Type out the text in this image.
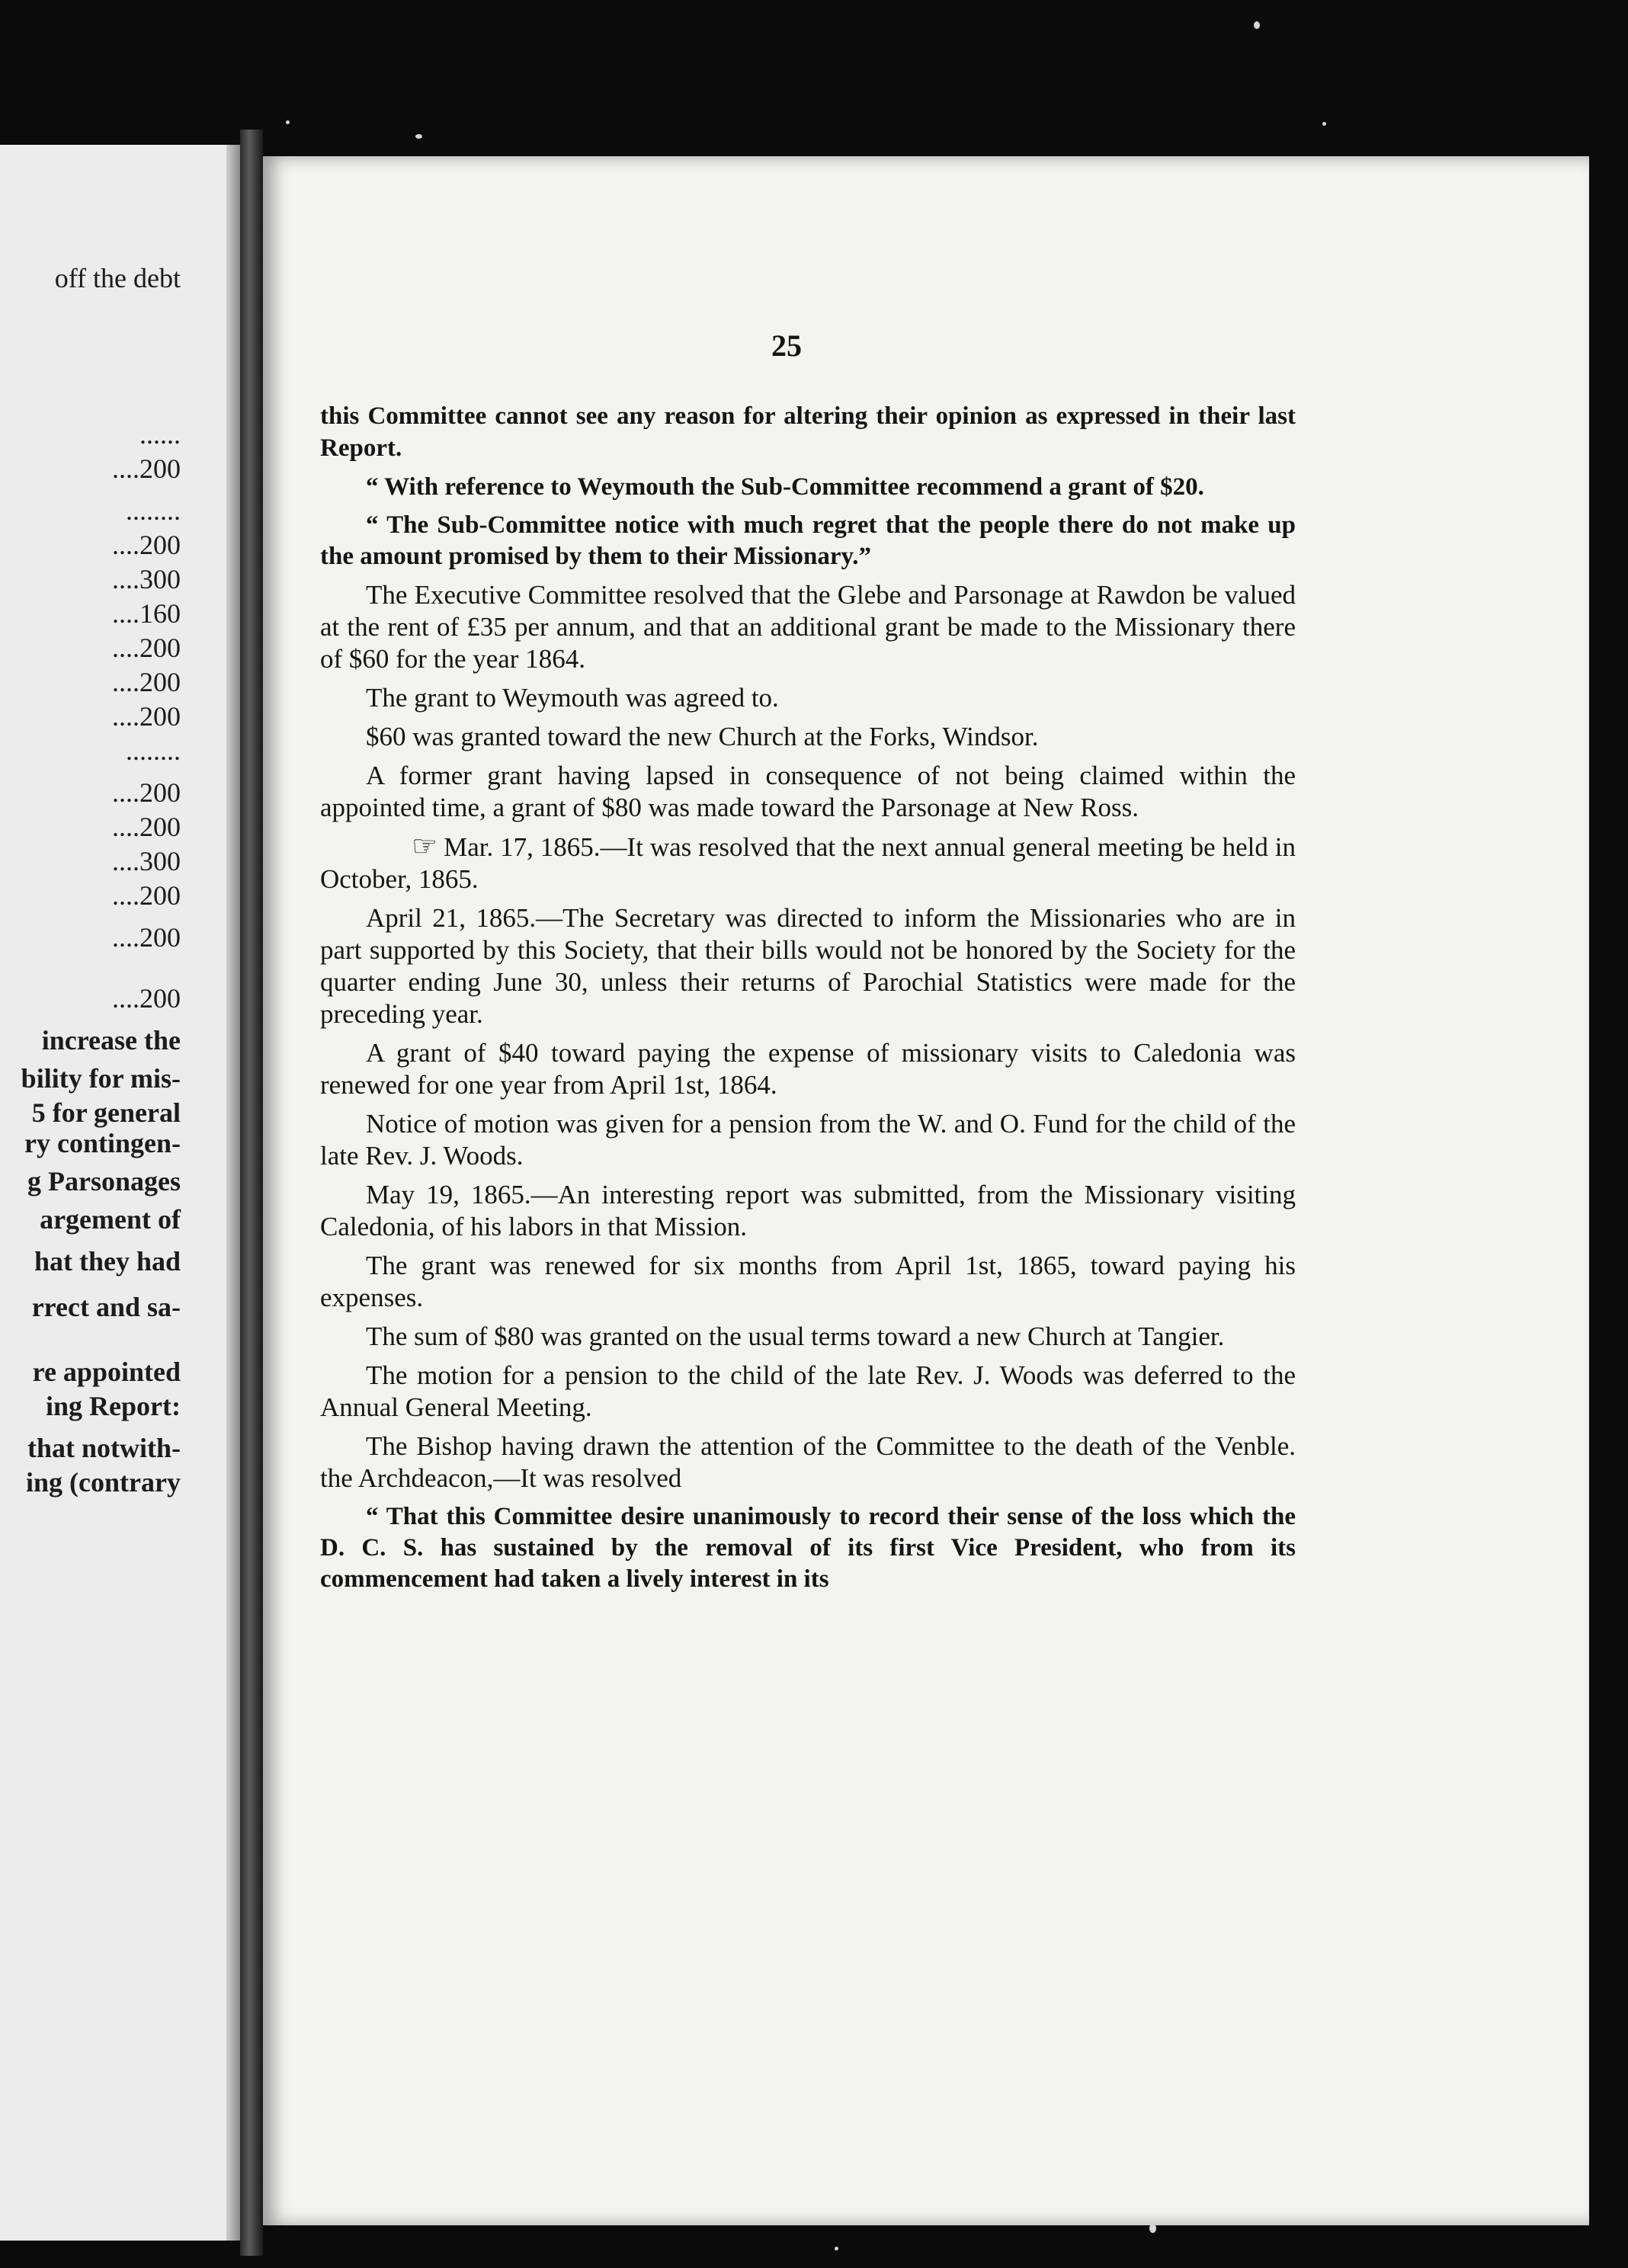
off the debt
......
....200
........
....200
....300
....160
....200
....200
....200
........
....200
....200
....300
....200
....200
....200
increase the
bility for mis-
5 for general
ry contingen-
g Parsonages
argement of
hat they had
rrect and sa-
re appointed
ing Report:
that notwith-
ing (contrary
25

this Committee cannot see any reason for altering their opinion as expressed in their last Report.

“ With reference to Weymouth the Sub-Committee recommend a grant of $20.

“ The Sub-Committee notice with much regret that the people there do not make up the amount promised by them to their Missionary.”

The Executive Committee resolved that the Glebe and Parsonage at Rawdon be valued at the rent of £35 per annum, and that an additional grant be made to the Missionary there of $60 for the year 1864.

The grant to Weymouth was agreed to.

$60 was granted toward the new Church at the Forks, Windsor.

A former grant having lapsed in consequence of not being claimed within the appointed time, a grant of $80 was made toward the Parsonage at New Ross.

☞ Mar. 17, 1865.—It was resolved that the next annual general meeting be held in October, 1865.

April 21, 1865.—The Secretary was directed to inform the Missionaries who are in part supported by this Society, that their bills would not be honored by the Society for the quarter ending June 30, unless their returns of Parochial Statistics were made for the preceding year.

A grant of $40 toward paying the expense of missionary visits to Caledonia was renewed for one year from April 1st, 1864.

Notice of motion was given for a pension from the W. and O. Fund for the child of the late Rev. J. Woods.

May 19, 1865.—An interesting report was submitted, from the Missionary visiting Caledonia, of his labors in that Mission.

The grant was renewed for six months from April 1st, 1865, toward paying his expenses.

The sum of $80 was granted on the usual terms toward a new Church at Tangier.

The motion for a pension to the child of the late Rev. J. Woods was deferred to the Annual General Meeting.

The Bishop having drawn the attention of the Committee to the death of the Venble. the Archdeacon,—It was resolved

“ That this Committee desire unanimously to record their sense of the loss which the D. C. S. has sustained by the removal of its first Vice President, who from its commencement had taken a lively interest in its
